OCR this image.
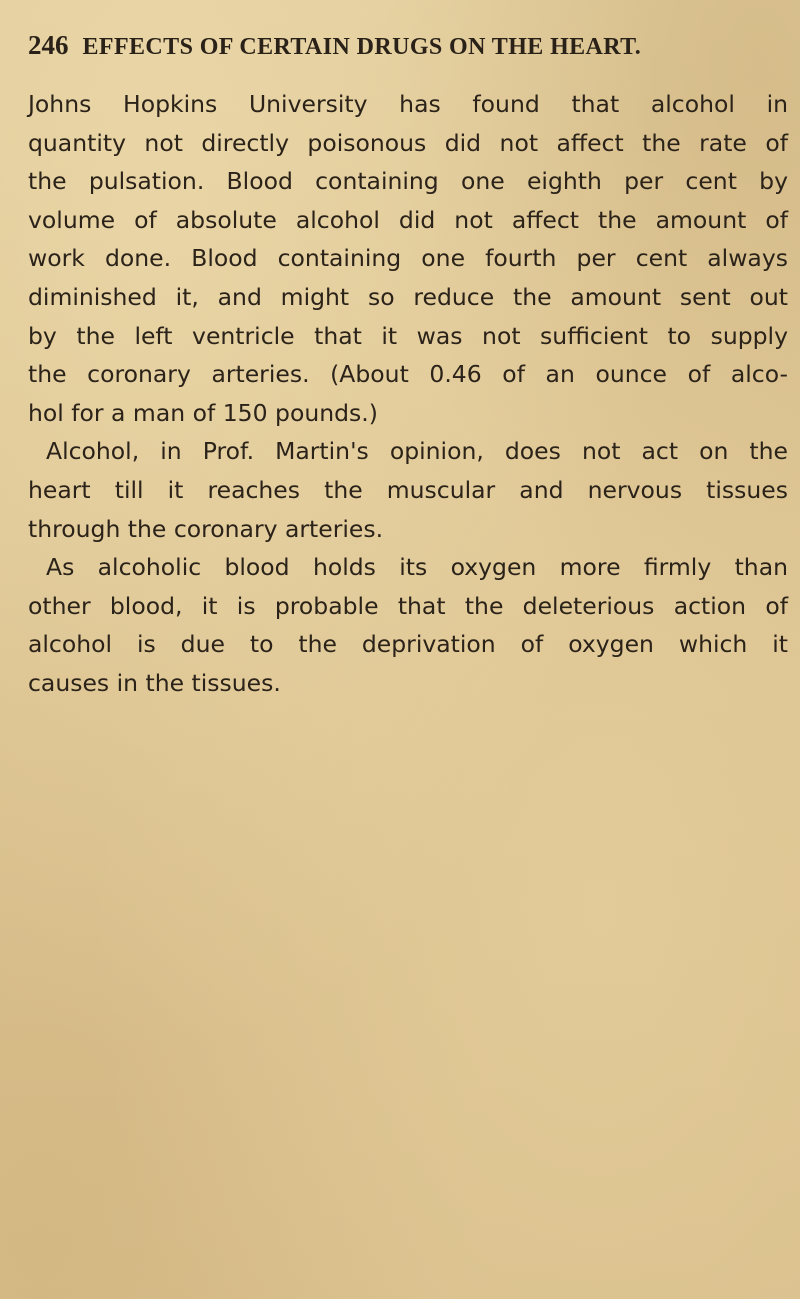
246 EFFECTS OF CERTAIN DRUGS ON THE HEART.
Johns Hopkins University has found that alcohol in
quantity not directly poisonous did not affect the rate of
the pulsation. Blood containing one eighth per cent by
volume of absolute alcohol did not affect the amount of
work done. Blood containing one fourth per cent always
diminished it, and might so reduce the amount sent out
by the left ventricle that it was not sufficient to supply
the coronary arteries. (About 0.46 of an ounce of alco-
hol for a man of 150 pounds.)
Alcohol, in Prof. Martin's opinion, does not act on the
heart till it reaches the muscular and nervous tissues
through the coronary arteries.
As alcoholic blood holds its oxygen more firmly than
other blood, it is probable that the deleterious action of
alcohol is due to the deprivation of oxygen which it
causes in the tissues.
